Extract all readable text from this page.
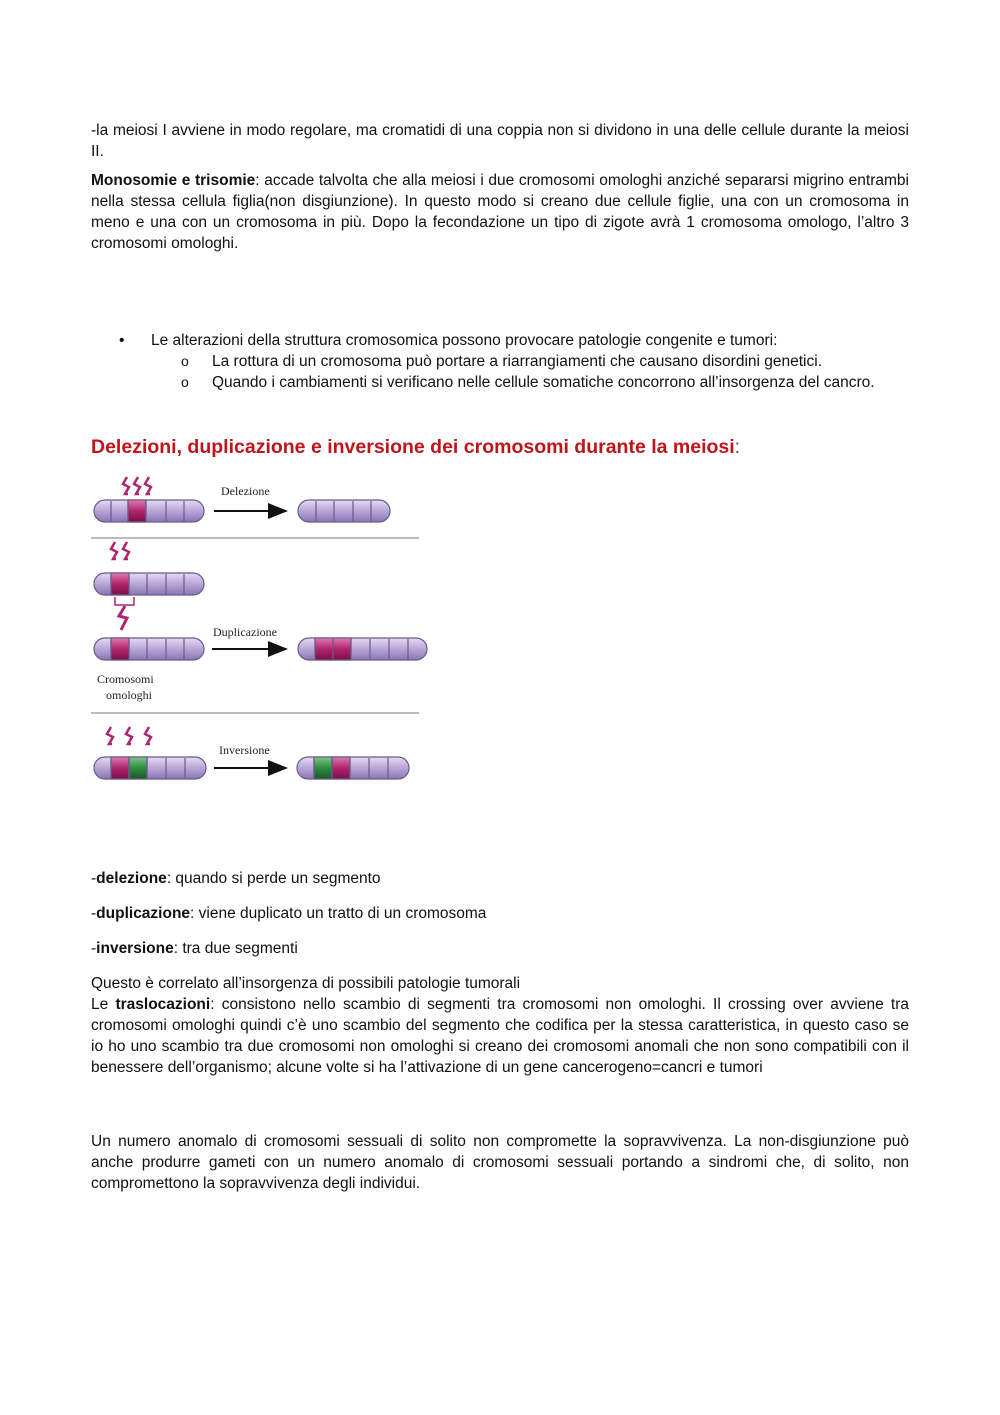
-la meiosi I avviene in modo regolare, ma cromatidi di una coppia non si dividono in una delle cellule durante la meiosi II.

Monosomie e trisomie: accade talvolta che alla meiosi i due cromosomi omologhi anziché separarsi migrino entrambi nella stessa cellula figlia(non disgiunzione). In questo modo si creano due cellule figlie, una con un cromosoma in meno e una con un cromosoma in più. Dopo la fecondazione un tipo di zigote avrà 1 cromosoma omologo, l’altro 3 cromosomi omologhi.

• Le alterazioni della struttura cromosomica possono provocare patologie congenite e tumori:
o La rottura di un cromosoma può portare a riarrangiamenti che causano disordini genetici.
o Quando i cambiamenti si verificano nelle cellule somatiche concorrono all’insorgenza del cancro.
Delezioni, duplicazione e inversione dei cromosomi durante la meiosi:
Delezione
Duplicazione
Cromosomi
omologhi
Inversione

-delezione: quando si perde un segmento

-duplicazione: viene duplicato un tratto di un cromosoma

-inversione: tra due segmenti

Questo è correlato all’insorgenza di possibili patologie tumorali

Le traslocazioni: consistono nello scambio di segmenti tra cromosomi non omologhi. Il crossing over avviene tra cromosomi omologhi quindi c’è uno scambio del segmento che codifica per la stessa caratteristica, in questo caso se io ho uno scambio tra due cromosomi non omologhi si creano dei cromosomi anomali che non sono compatibili con il benessere dell’organismo; alcune volte si ha l’attivazione di un gene cancerogeno=cancri e tumori

Un numero anomalo di cromosomi sessuali di solito non compromette la sopravvivenza. La non-disgiunzione può anche produrre gameti con un numero anomalo di cromosomi sessuali portando a sindromi che, di solito, non compromettono la sopravvivenza degli individui.
